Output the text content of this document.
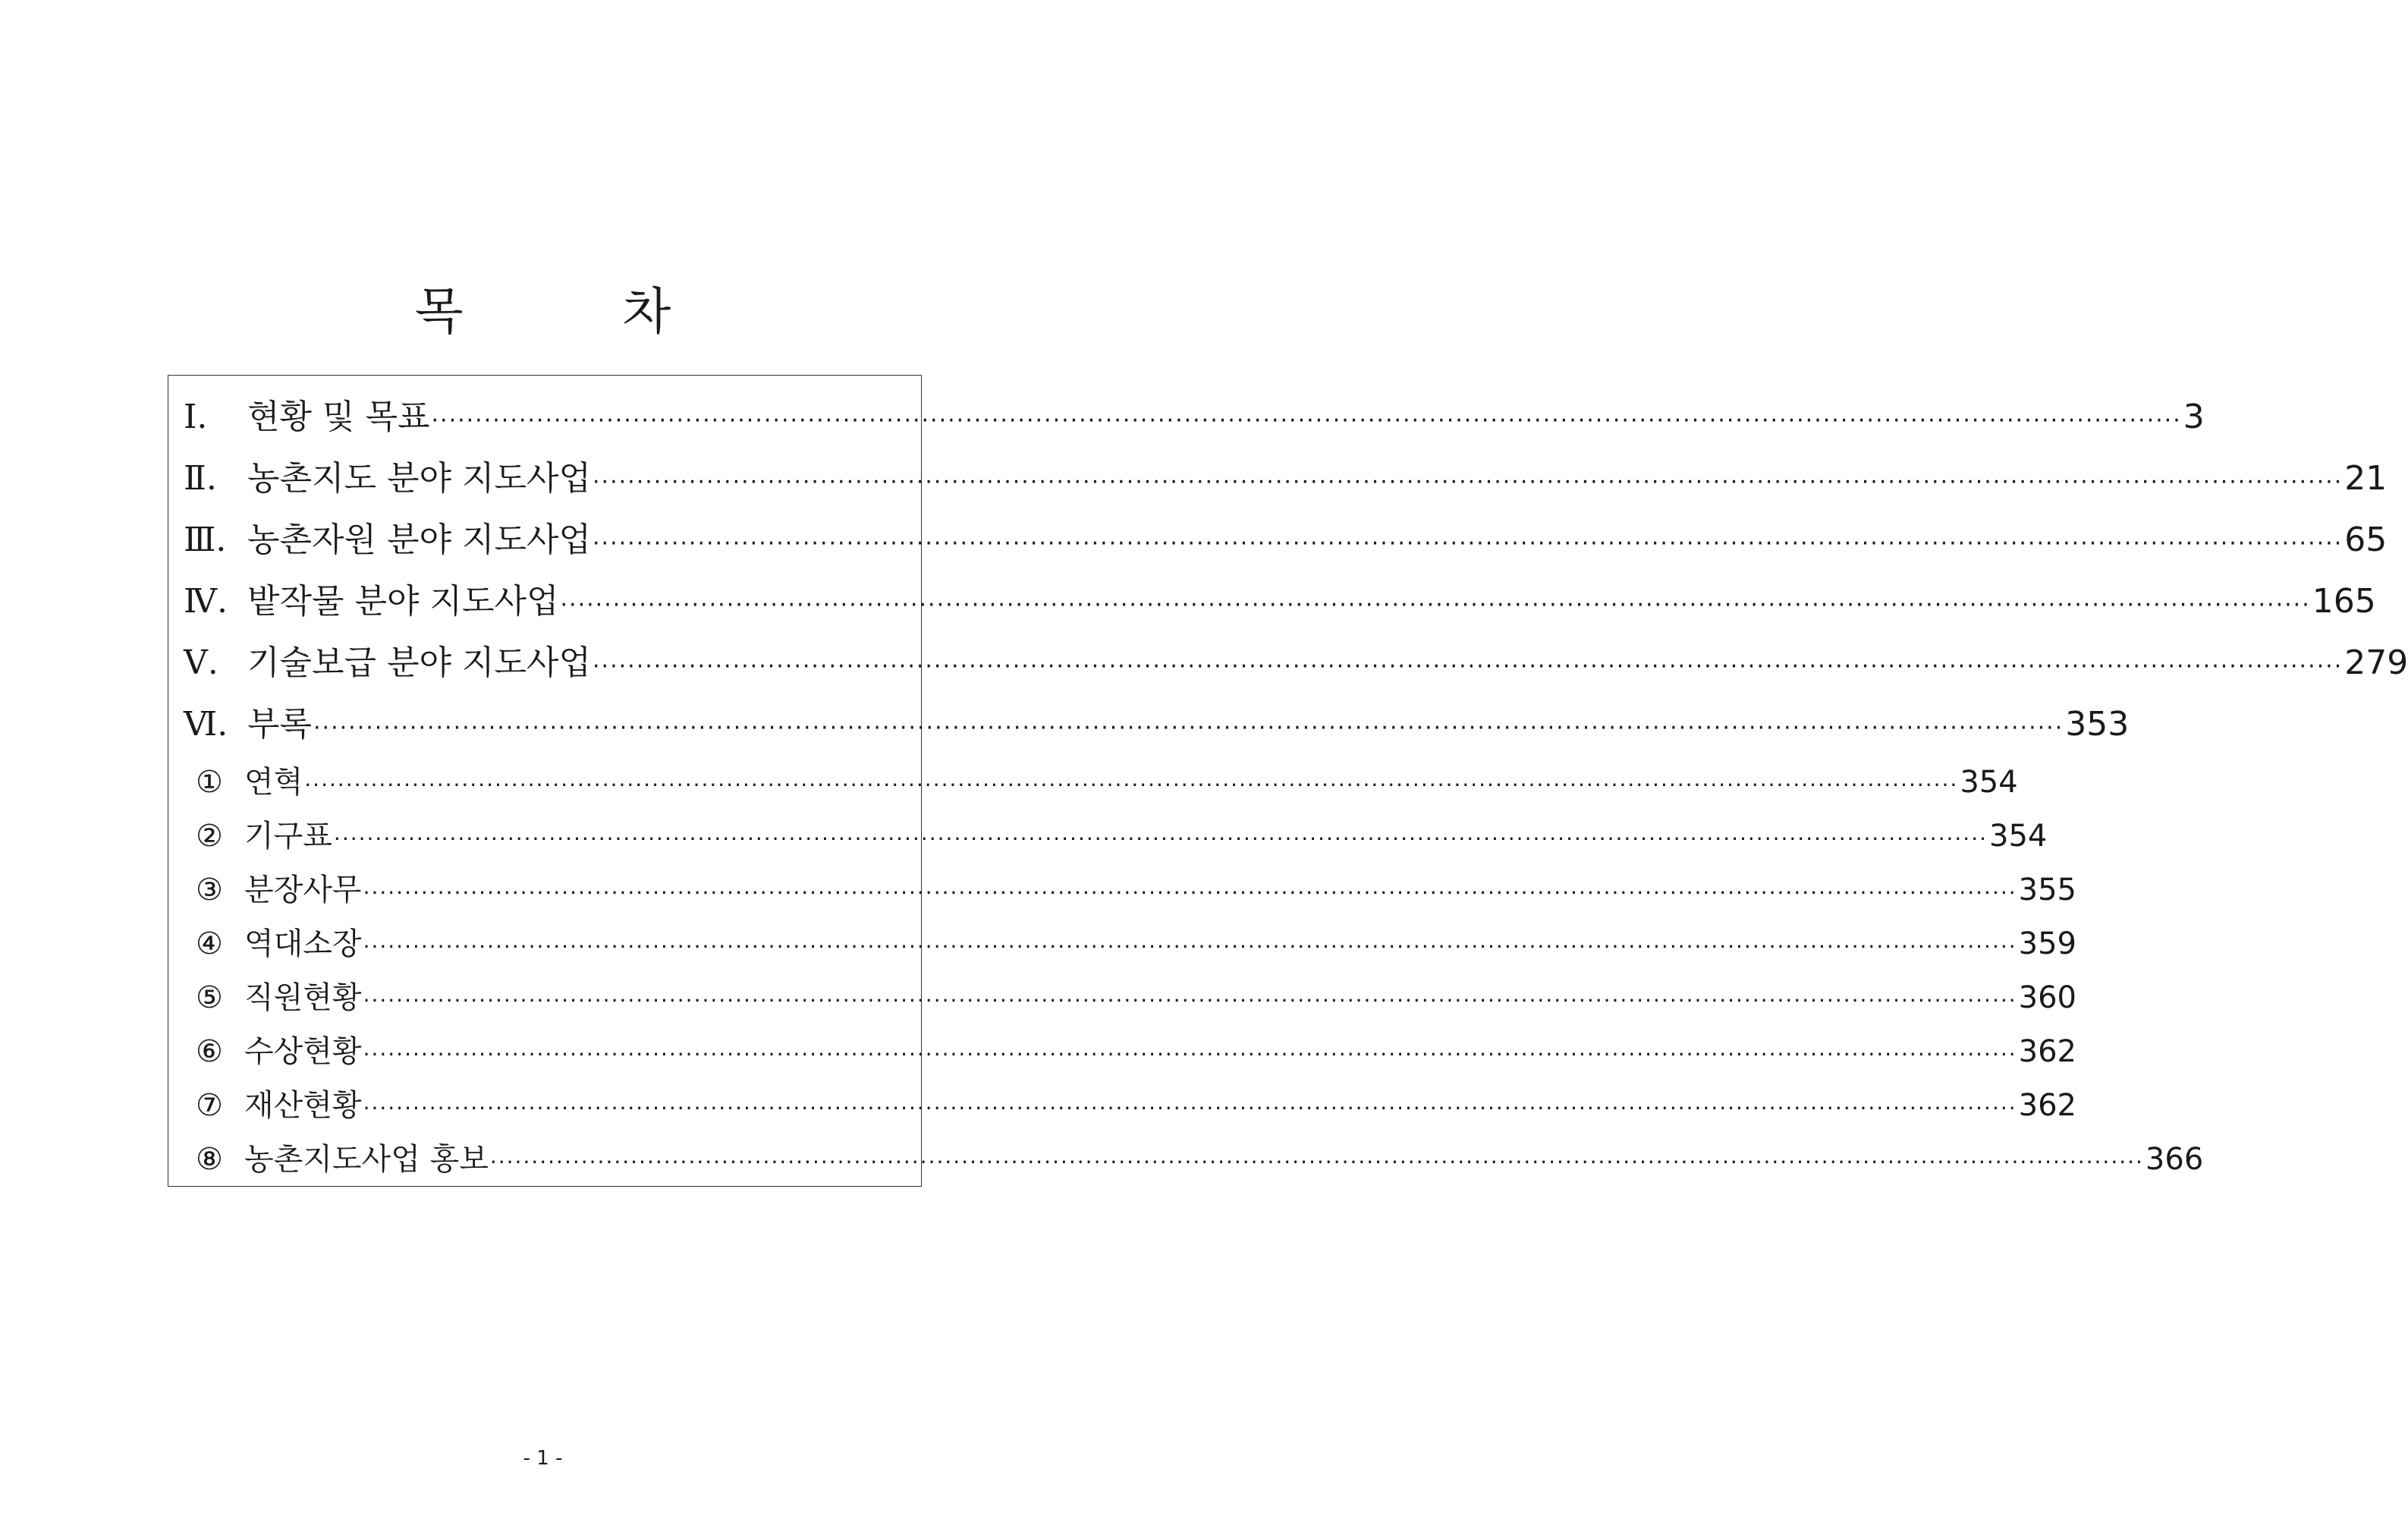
목	차
Ⅰ. 현황 및 목표 ········································································································································································································ 3
Ⅱ. 농촌지도 분야 지도사업 ········································································································································································································ 21
Ⅲ. 농촌자원 분야 지도사업 ········································································································································································································ 65
Ⅳ. 밭작물 분야 지도사업 ········································································································································································································ 165
Ⅴ. 기술보급 분야 지도사업 ········································································································································································································ 279
Ⅵ. 부록 ········································································································································································································ 353
① 연혁 ········································································································································································································ 354
② 기구표 ········································································································································································································ 354
③ 분장사무 ········································································································································································································ 355
④ 역대소장 ········································································································································································································ 359
⑤ 직원현황 ········································································································································································································ 360
⑥ 수상현황 ········································································································································································································ 362
⑦ 재산현황 ········································································································································································································ 362
⑧ 농촌지도사업 홍보 ········································································································································································································ 366
- 1 -
